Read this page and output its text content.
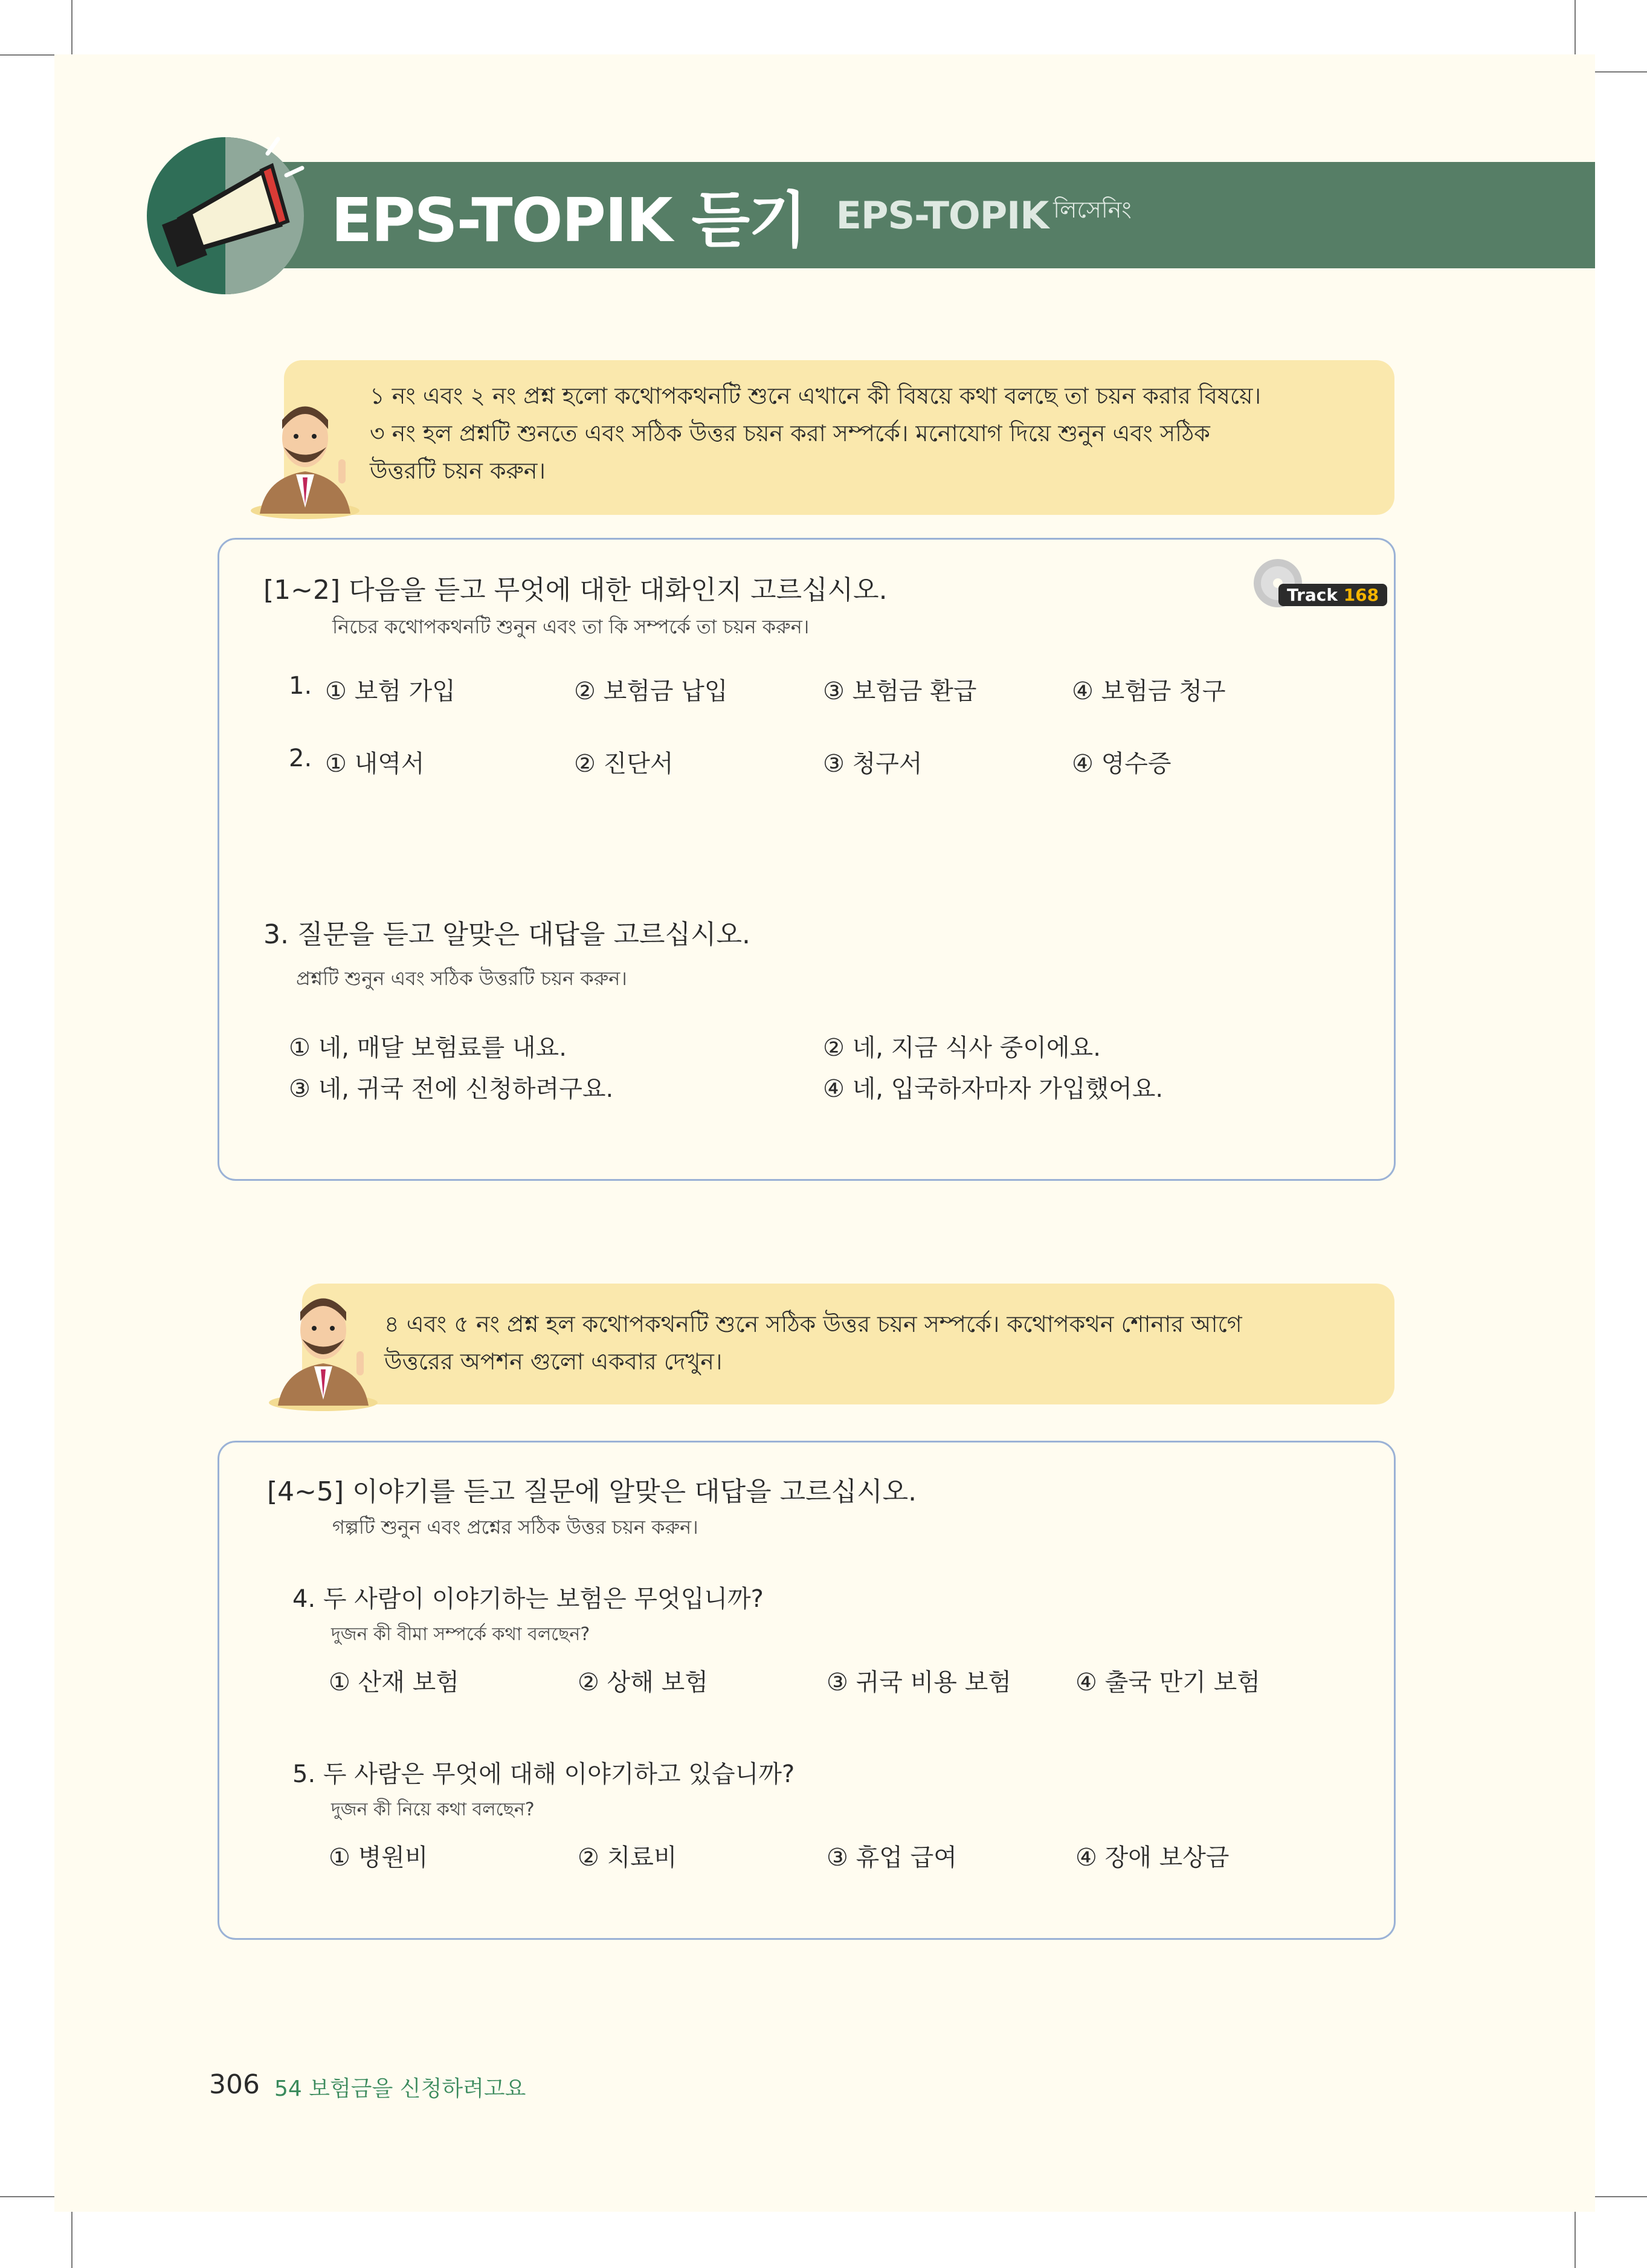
EPS-TOPIK 듣기 EPS-TOPIK লিসেনিং
১ নং এবং ২ নং প্রশ্ন হলো কথোপকথনটি শুনে এখানে কী বিষয়ে কথা বলছে তা চয়ন করার বিষয়ে।
৩ নং হল প্রশ্নটি শুনতে এবং সঠিক উত্তর চয়ন করা সম্পর্কে। মনোযোগ দিয়ে শুনুন এবং সঠিক
উত্তরটি চয়ন করুন।
[1~2] 다음을 듣고 무엇에 대한 대화인지 고르십시오.
নিচের কথোপকথনটি শুনুন এবং তা কি সম্পর্কে তা চয়ন করুন।
Track 168
1. ① 보험 가입	② 보험금 납입	③ 보험금 환급	④ 보험금 청구
2. ① 내역서	② 진단서	③ 청구서	④ 영수증
3. 질문을 듣고 알맞은 대답을 고르십시오.
প্রশ্নটি শুনুন এবং সঠিক উত্তরটি চয়ন করুন।
① 네, 매달 보험료를 내요.	② 네, 지금 식사 중이에요.
③ 네, 귀국 전에 신청하려구요.	④ 네, 입국하자마자 가입했어요.
৪ এবং ৫ নং প্রশ্ন হল কথোপকথনটি শুনে সঠিক উত্তর চয়ন সম্পর্কে। কথোপকথন শোনার আগে
উত্তরের অপশন গুলো একবার দেখুন।
[4~5] 이야기를 듣고 질문에 알맞은 대답을 고르십시오.
গল্পটি শুনুন এবং প্রশ্নের সঠিক উত্তর চয়ন করুন।
4. 두 사람이 이야기하는 보험은 무엇입니까?
দুজন কী বীমা সম্পর্কে কথা বলছেন?
① 산재 보험	② 상해 보험	③ 귀국 비용 보험	④ 출국 만기 보험
5. 두 사람은 무엇에 대해 이야기하고 있습니까?
দুজন কী নিয়ে কথা বলছেন?
① 병원비	② 치료비	③ 휴업 급여	④ 장애 보상금
306 54 보험금을 신청하려고요
